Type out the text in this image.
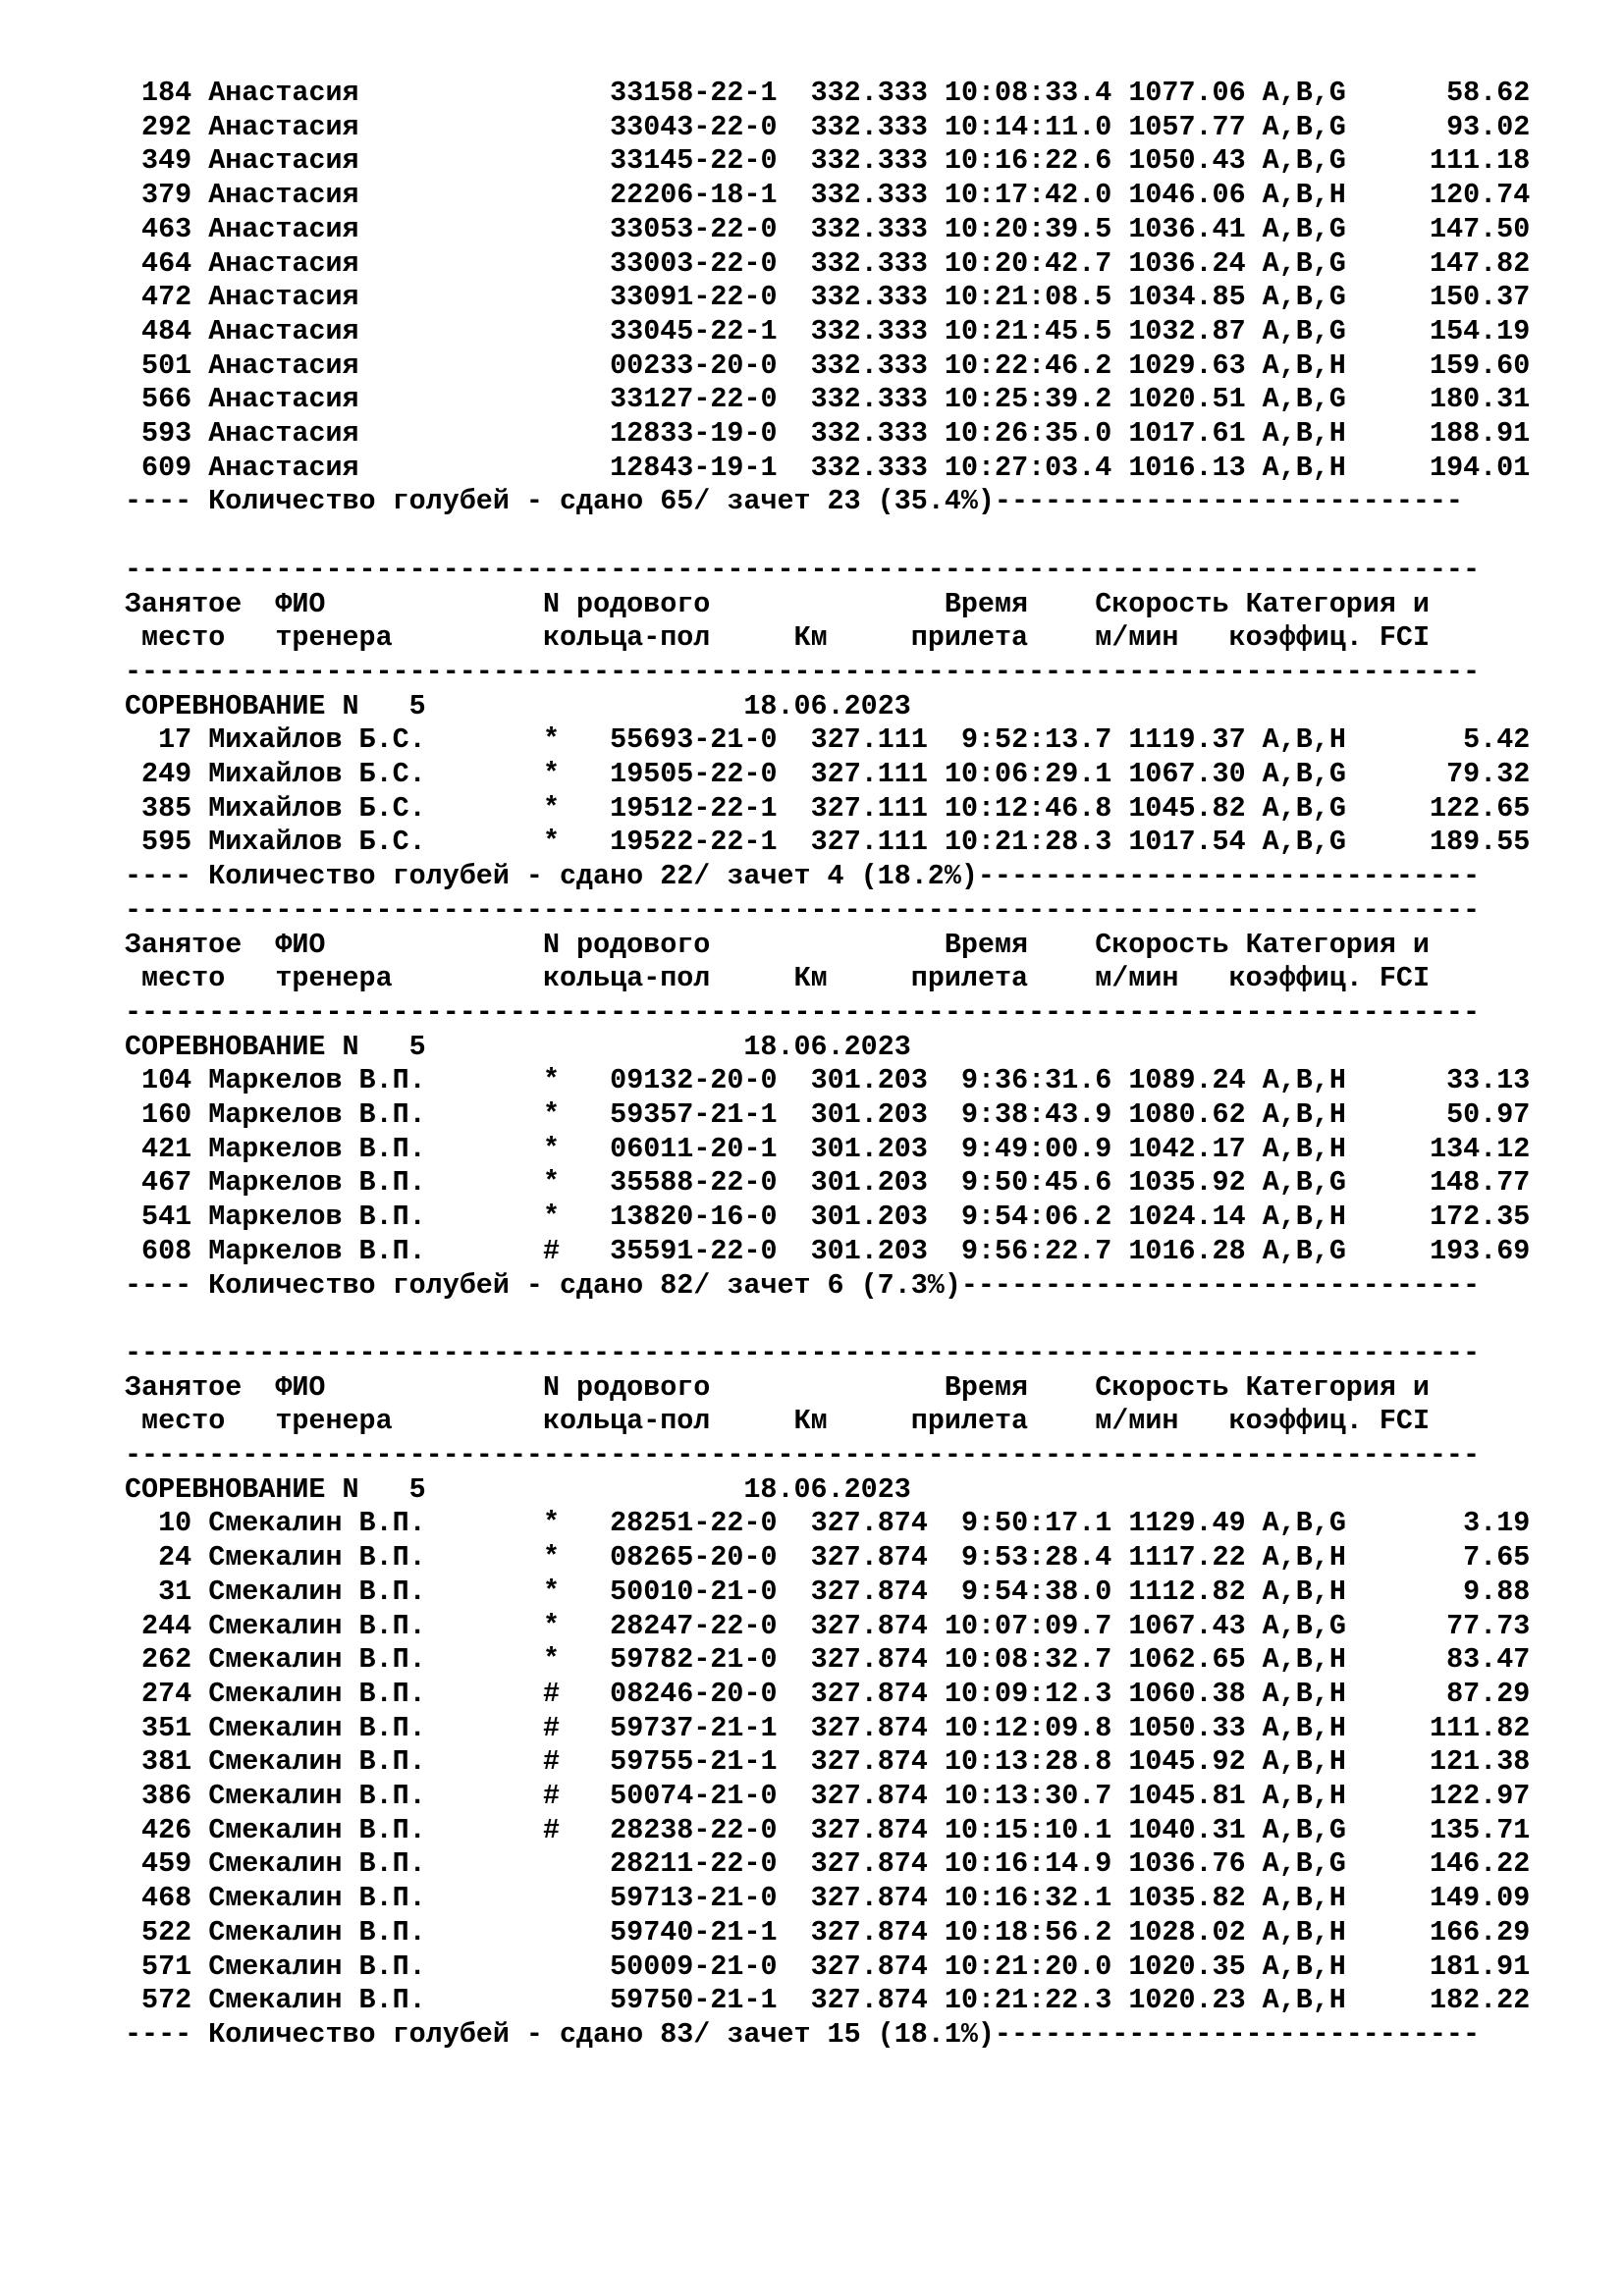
184 Анастасия	33158-22-1 332.333 10:08:33.4 1077.06 A,B,G	58.62
292 Анастасия	33043-22-0 332.333 10:14:11.0 1057.77 A,B,G	93.02
349 Анастасия	33145-22-0 332.333 10:16:22.6 1050.43 A,B,G	111.18
379 Анастасия	22206-18-1 332.333 10:17:42.0 1046.06 A,B,H	120.74
463 Анастасия	33053-22-0 332.333 10:20:39.5 1036.41 A,B,G	147.50
464 Анастасия	33003-22-0 332.333 10:20:42.7 1036.24 A,B,G	147.82
472 Анастасия	33091-22-0 332.333 10:21:08.5 1034.85 A,B,G	150.37
484 Анастасия	33045-22-1 332.333 10:21:45.5 1032.87 A,B,G	154.19
501 Анастасия	00233-20-0 332.333 10:22:46.2 1029.63 A,B,H	159.60
566 Анастасия	33127-22-0 332.333 10:25:39.2 1020.51 A,B,G	180.31
593 Анастасия	12833-19-0 332.333 10:26:35.0 1017.61 A,B,H	188.91
609 Анастасия	12843-19-1 332.333 10:27:03.4 1016.13 A,B,H	194.01
---- Количество голубей - сдано 65/ зачет 23 (35.4%)----------------------------
---------------------------------------------------------------------------------
Занятое ФИО	N родового	Время Скорость Категория и
место тренера	кольца-пол	Км	прилета м/мин коэффиц. FCI
---------------------------------------------------------------------------------
СОРЕВНОВАНИЕ N   5	18.06.2023
17 Михайлов Б.С.	* 55693-21-0 327.111 9:52:13.7 1119.37 A,B,H	5.42
249 Михайлов Б.С.	* 19505-22-0 327.111 10:06:29.1 1067.30 A,B,G	79.32
385 Михайлов Б.С.	* 19512-22-1 327.111 10:12:46.8 1045.82 A,B,G	122.65
595 Михайлов Б.С.	* 19522-22-1 327.111 10:21:28.3 1017.54 A,B,G	189.55
---- Количество голубей - сдано 22/ зачет 4 (18.2%)------------------------------
---------------------------------------------------------------------------------
Занятое ФИО	N родового	Время Скорость Категория и
место тренера	кольца-пол	Км	прилета м/мин коэффиц. FCI
---------------------------------------------------------------------------------
СОРЕВНОВАНИЕ N   5	18.06.2023
104 Маркелов В.П.	* 09132-20-0 301.203 9:36:31.6 1089.24 A,B,H	33.13
160 Маркелов В.П.	* 59357-21-1 301.203 9:38:43.9 1080.62 A,B,H	50.97
421 Маркелов В.П.	* 06011-20-1 301.203 9:49:00.9 1042.17 A,B,H	134.12
467 Маркелов В.П.	* 35588-22-0 301.203 9:50:45.6 1035.92 A,B,G	148.77
541 Маркелов В.П.	* 13820-16-0 301.203 9:54:06.2 1024.14 A,B,H	172.35
608 Маркелов В.П.	# 35591-22-0 301.203 9:56:22.7 1016.28 A,B,G	193.69
---- Количество голубей - сдано 82/ зачет 6 (7.3%)-------------------------------
---------------------------------------------------------------------------------
Занятое ФИО	N родового	Время Скорость Категория и
место тренера	кольца-пол	Км	прилета м/мин коэффиц. FCI
---------------------------------------------------------------------------------
СОРЕВНОВАНИЕ N   5	18.06.2023
10 Смекалин В.П.	* 28251-22-0 327.874 9:50:17.1 1129.49 A,B,G	3.19
24 Смекалин В.П.	* 08265-20-0 327.874 9:53:28.4 1117.22 A,B,H	7.65
31 Смекалин В.П.	* 50010-21-0 327.874 9:54:38.0 1112.82 A,B,H	9.88
244 Смекалин В.П.	* 28247-22-0 327.874 10:07:09.7 1067.43 A,B,G	77.73
262 Смекалин В.П.	* 59782-21-0 327.874 10:08:32.7 1062.65 A,B,H	83.47
274 Смекалин В.П.	# 08246-20-0 327.874 10:09:12.3 1060.38 A,B,H	87.29
351 Смекалин В.П.	# 59737-21-1 327.874 10:12:09.8 1050.33 A,B,H	111.82
381 Смекалин В.П.	# 59755-21-1 327.874 10:13:28.8 1045.92 A,B,H	121.38
386 Смекалин В.П.	# 50074-21-0 327.874 10:13:30.7 1045.81 A,B,H	122.97
426 Смекалин В.П.	# 28238-22-0 327.874 10:15:10.1 1040.31 A,B,G	135.71
459 Смекалин В.П.	28211-22-0 327.874 10:16:14.9 1036.76 A,B,G	146.22
468 Смекалин В.П.	59713-21-0 327.874 10:16:32.1 1035.82 A,B,H	149.09
522 Смекалин В.П.	59740-21-1 327.874 10:18:56.2 1028.02 A,B,H	166.29
571 Смекалин В.П.	50009-21-0 327.874 10:21:20.0 1020.35 A,B,H	181.91
572 Смекалин В.П.	59750-21-1 327.874 10:21:22.3 1020.23 A,B,H	182.22
---- Количество голубей - сдано 83/ зачет 15 (18.1%)-----------------------------
